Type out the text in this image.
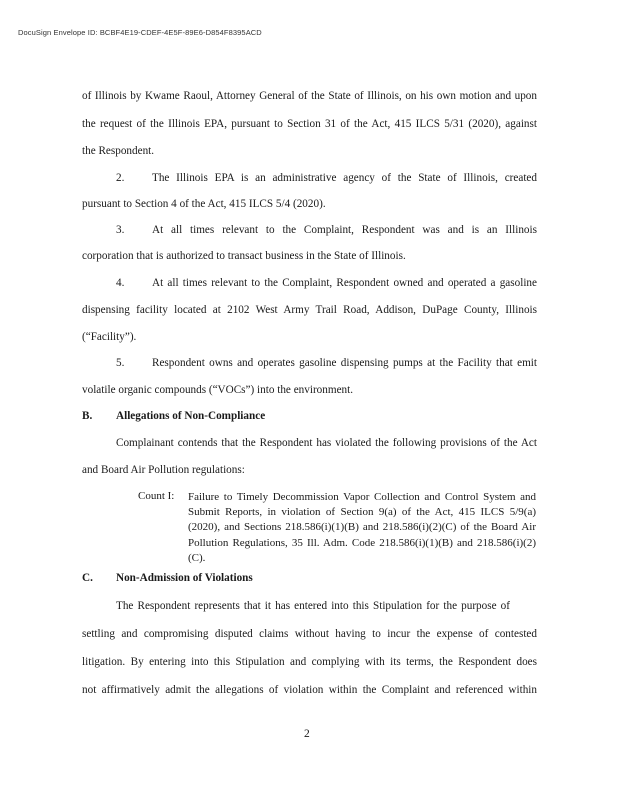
DocuSign Envelope ID: BCBF4E19-CDEF-4E5F-89E6-D854F8395ACD
of Illinois by Kwame Raoul, Attorney General of the State of Illinois, on his own motion and upon
the request of the Illinois EPA, pursuant to Section 31 of the Act, 415 ILCS 5/31 (2020), against
the Respondent.
2. The Illinois EPA is an administrative agency of the State of Illinois, created
pursuant to Section 4 of the Act, 415 ILCS 5/4 (2020).
3. At all times relevant to the Complaint, Respondent was and is an Illinois
corporation that is authorized to transact business in the State of Illinois.
4. At all times relevant to the Complaint, Respondent owned and operated a gasoline
dispensing facility located at 2102 West Army Trail Road, Addison, DuPage County, Illinois
(“Facility”).
5. Respondent owns and operates gasoline dispensing pumps at the Facility that emit
volatile organic compounds (“VOCs”) into the environment.
B. Allegations of Non-Compliance
Complainant contends that the Respondent has violated the following provisions of the Act
and Board Air Pollution regulations:
Count I: Failure to Timely Decommission Vapor Collection and Control System and Submit Reports, in violation of Section 9(a) of the Act, 415 ILCS 5/9(a) (2020), and Sections 218.586(i)(1)(B) and 218.586(i)(2)(C) of the Board Air Pollution Regulations, 35 Ill. Adm. Code 218.586(i)(1)(B) and 218.586(i)(2)(C).
C. Non-Admission of Violations
The Respondent represents that it has entered into this Stipulation for the purpose of
settling and compromising disputed claims without having to incur the expense of contested
litigation. By entering into this Stipulation and complying with its terms, the Respondent does
not affirmatively admit the allegations of violation within the Complaint and referenced within
2
